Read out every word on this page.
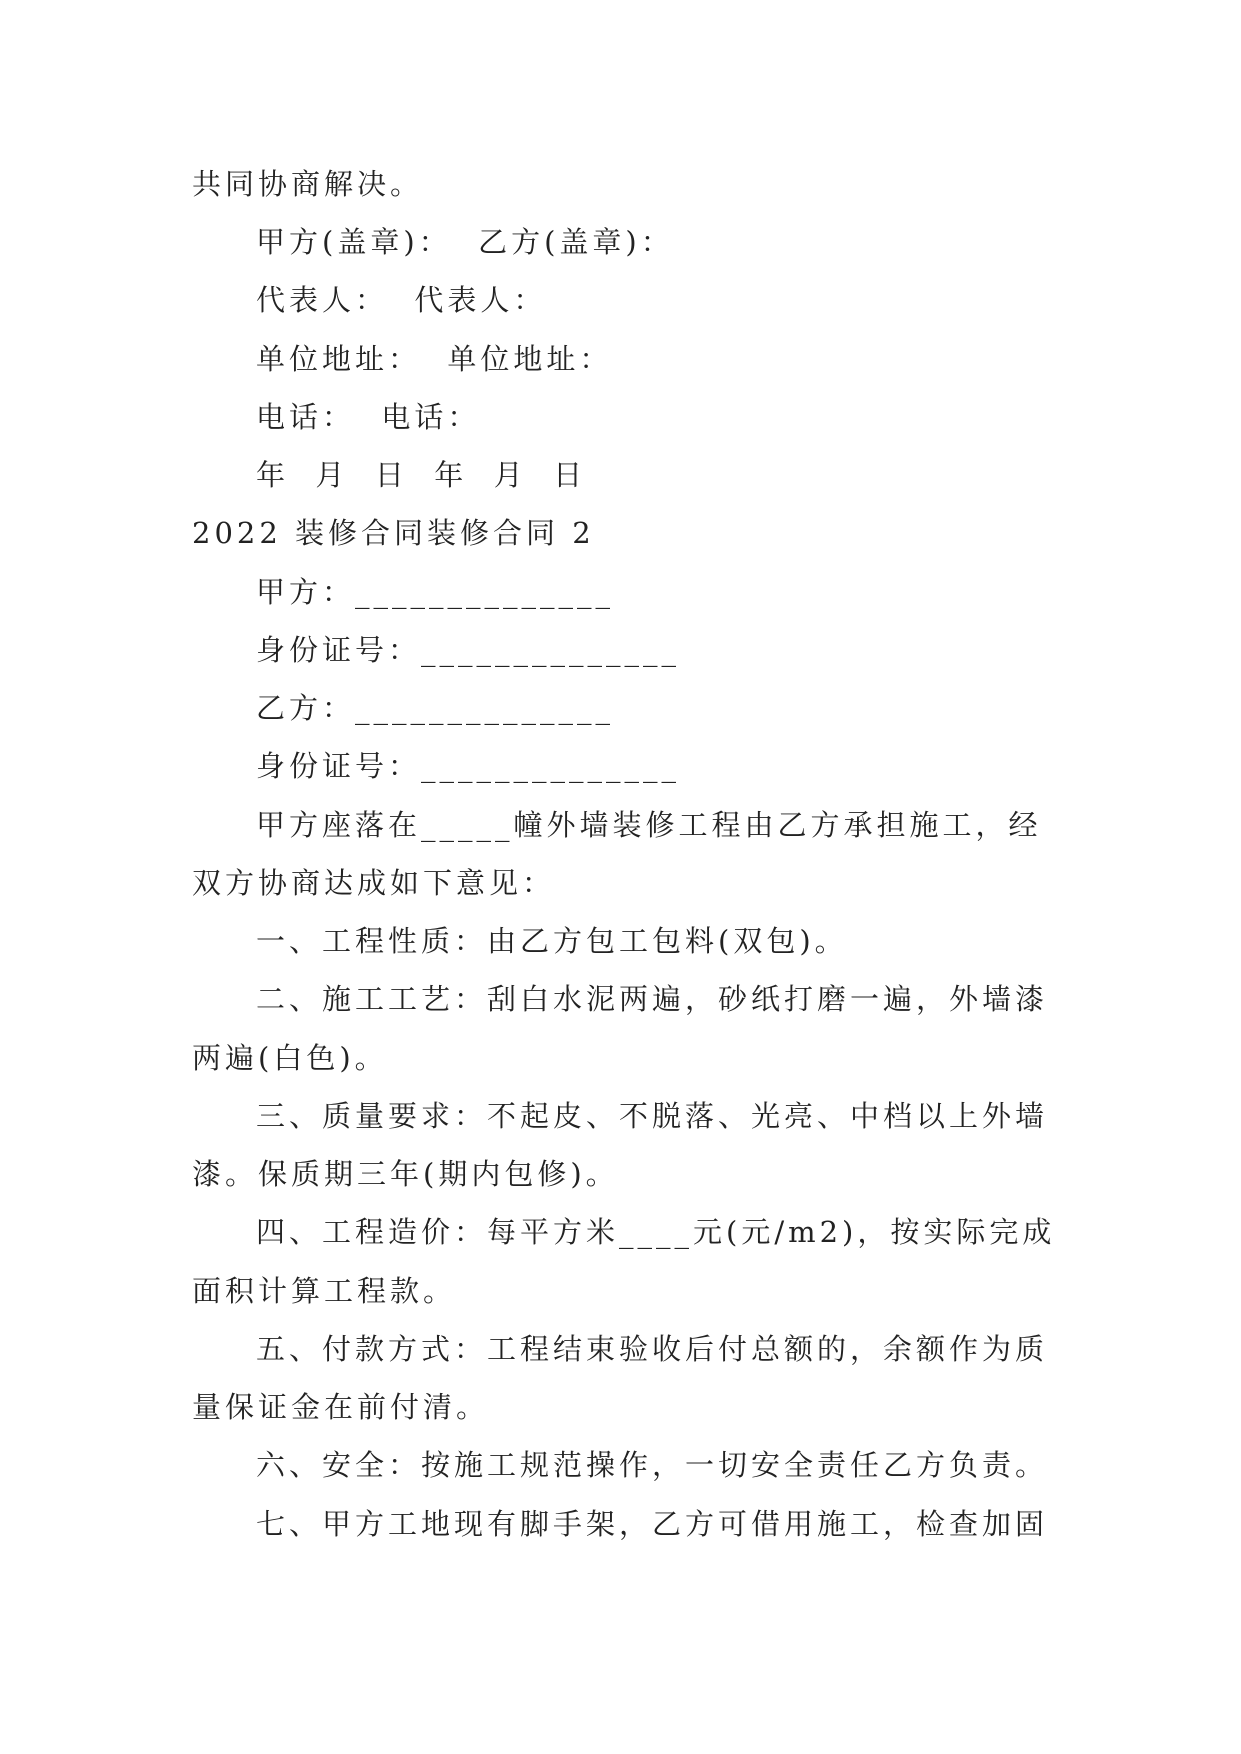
共同协商解决。
甲方(盖章)：  乙方(盖章)：
代表人：  代表人：
单位地址：  单位地址：
电话：  电话：
年  月  日  年  月  日
2022 装修合同装修合同 2
甲方：______________
身份证号：______________
乙方：______________
身份证号：______________
甲方座落在_____幢外墙装修工程由乙方承担施工，经
双方协商达成如下意见：
一、工程性质：由乙方包工包料(双包)。
二、施工工艺：刮白水泥两遍，砂纸打磨一遍，外墙漆
两遍(白色)。
三、质量要求：不起皮、不脱落、光亮、中档以上外墙
漆。保质期三年(期内包修)。
四、工程造价：每平方米____元(元/m2)，按实际完成
面积计算工程款。
五、付款方式：工程结束验收后付总额的，余额作为质
量保证金在前付清。
六、安全：按施工规范操作，一切安全责任乙方负责。
七、甲方工地现有脚手架，乙方可借用施工，检查加固
